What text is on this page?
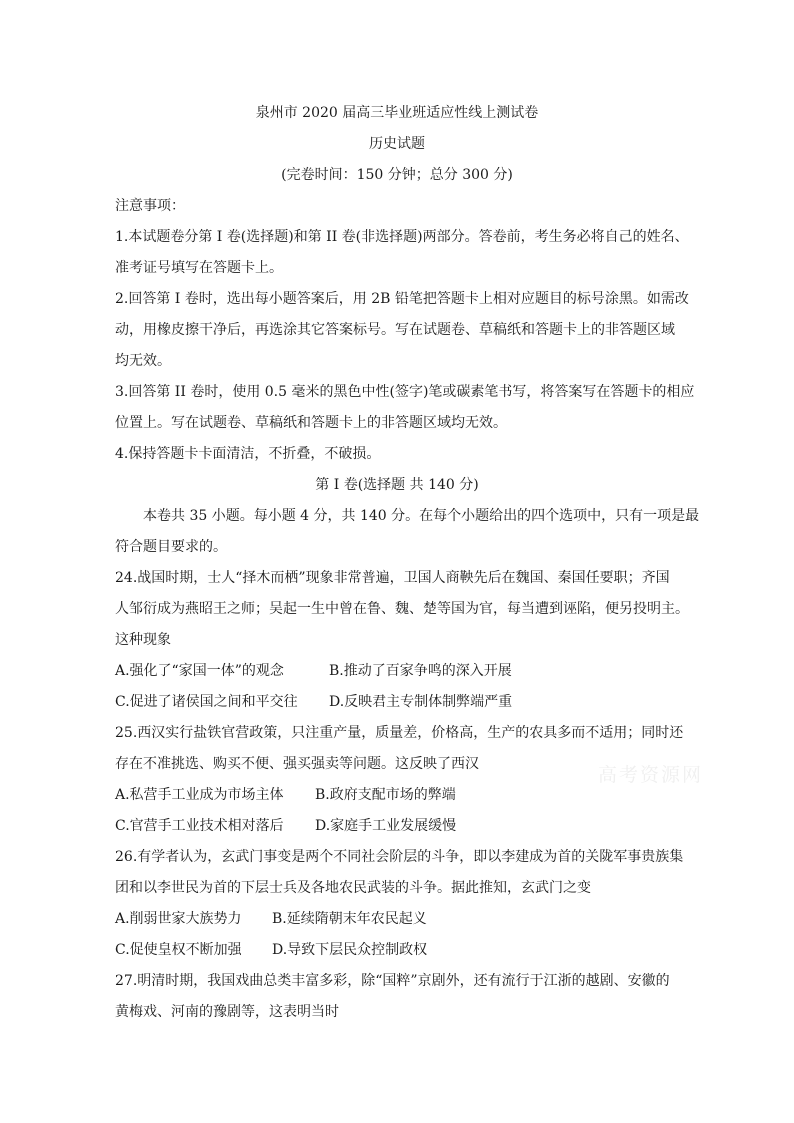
泉州市 2020 届高三毕业班适应性线上测试卷
历史试题
(完卷时间：150 分钟；总分 300 分)
注意事项：
1.本试题卷分第 I 卷(选择题)和第 II 卷(非选择题)两部分。答卷前，考生务必将自己的姓名、
准考证号填写在答题卡上。
2.回答第 I 卷时，选出每小题答案后，用 2B 铅笔把答题卡上相对应题目的标号涂黑。如需改
动，用橡皮擦干净后，再选涂其它答案标号。写在试题卷、草稿纸和答题卡上的非答题区域
均无效。
3.回答第 II 卷时，使用 0.5 毫米的黑色中性(签字)笔或碳素笔书写，将答案写在答题卡的相应
位置上。写在试题卷、草稿纸和答题卡上的非答题区域均无效。
4.保持答题卡卡面清洁，不折叠，不破损。
第 I 卷(选择题 共 140 分)
本卷共 35 小题。每小题 4 分，共 140 分。在每个小题给出的四个选项中，只有一项是最
符合题目要求的。
24.战国时期，士人“择木而栖”现象非常普遍，卫国人商鞅先后在魏国、秦国任要职；齐国
人邹衍成为燕昭王之师；吴起一生中曾在鲁、魏、楚等国为官，每当遭到诬陷，便另投明主。
这种现象
A.强化了“家国一体”的观念	B.推动了百家争鸣的深入开展
C.促进了诸侯国之间和平交往 D.反映君主专制体制弊端严重
25.西汉实行盐铁官营政策，只注重产量，质量差，价格高，生产的农具多而不适用；同时还
存在不准挑选、购买不便、强买强卖等问题。这反映了西汉
A.私营手工业成为市场主体 B.政府支配市场的弊端
C.官营手工业技术相对落后 D.家庭手工业发展缓慢
26.有学者认为，玄武门事变是两个不同社会阶层的斗争，即以李建成为首的关陇军事贵族集
团和以李世民为首的下层士兵及各地农民武装的斗争。据此推知，玄武门之变
A.削弱世家大族势力 B.延续隋朝末年农民起义
C.促使皇权不断加强 D.导致下层民众控制政权
27.明清时期，我国戏曲总类丰富多彩，除“国粹”京剧外，还有流行于江浙的越剧、安徽的
黄梅戏、河南的豫剧等，这表明当时
高考资源网
